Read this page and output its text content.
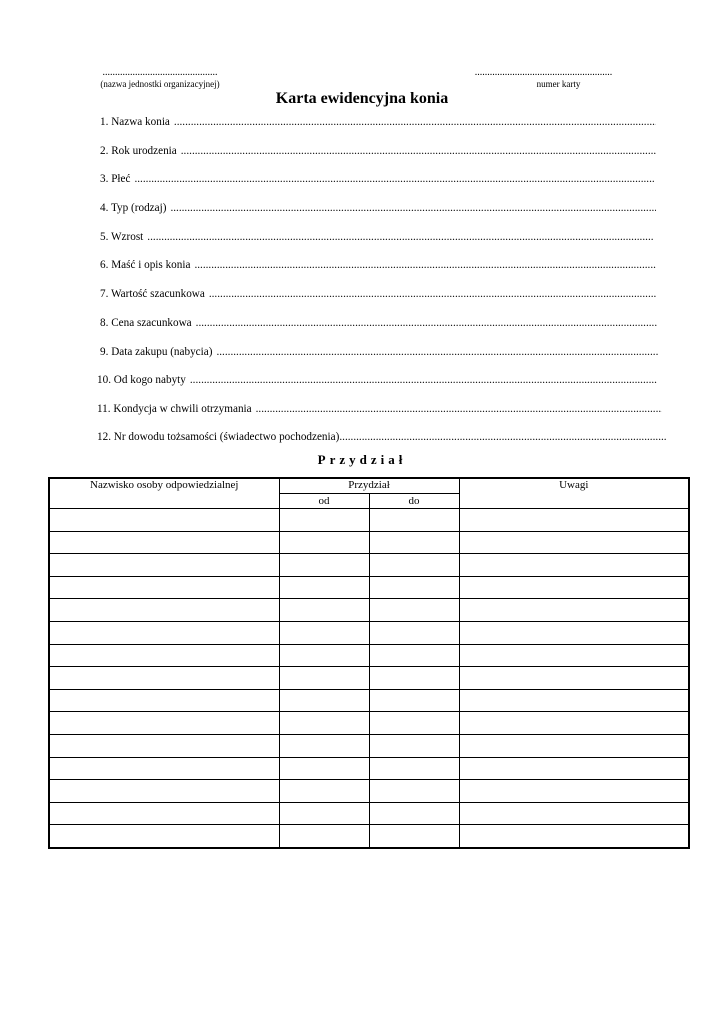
..............................................
(nazwa jednostki organizacyjnej)
.......................................................
numer karty
Karta ewidencyjna konia
1. Nazwa konia
.....
2. Rok urodzenia
.....
3. Płeć
.....
4. Typ (rodzaj)
.....
5. Wzrost
.....
6. Maść i opis konia
.....
7. Wartość szacunkowa
.....
8. Cena szacunkowa
.....
9. Data zakupu (nabycia)
.....
10. Od kogo nabyty
.....
11. Kondycja w chwili otrzymania
.....
12. Nr dowodu tożsamości (świadectwo pochodzenia)
.....
Przydział
Nazwisko osoby odpowiedzialnej	Przydział		Uwagi
	od	do	
